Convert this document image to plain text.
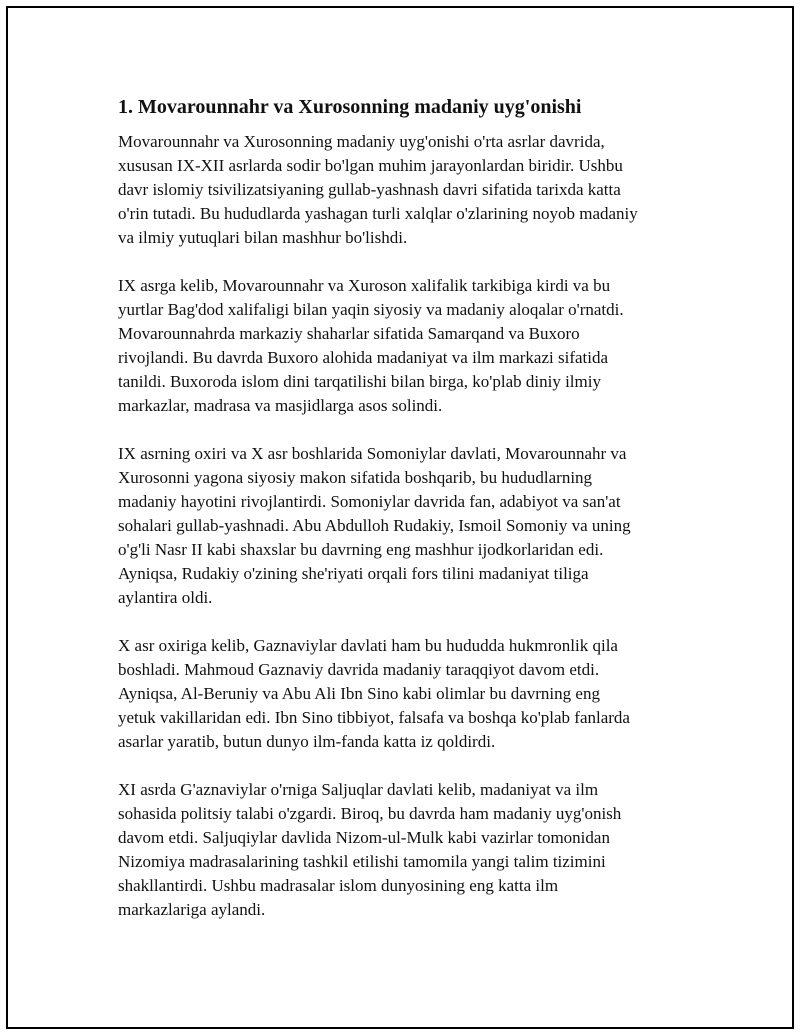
1. Movarounnahr va Xurosonning madaniy uyg'onishi

Movarounnahr va Xurosonning madaniy uyg'onishi o'rta asrlar davrida,
xususan IX-XII asrlarda sodir bo'lgan muhim jarayonlardan biridir. Ushbu
davr islomiy tsivilizatsiyaning gullab-yashnash davri sifatida tarixda katta
o'rin tutadi. Bu hududlarda yashagan turli xalqlar o'zlarining noyob madaniy
va ilmiy yutuqlari bilan mashhur bo'lishdi.

IX asrga kelib, Movarounnahr va Xuroson xalifalik tarkibiga kirdi va bu
yurtlar Bag'dod xalifaligi bilan yaqin siyosiy va madaniy aloqalar o'rnatdi.
Movarounnahrda markaziy shaharlar sifatida Samarqand va Buxoro
rivojlandi. Bu davrda Buxoro alohida madaniyat va ilm markazi sifatida
tanildi. Buxoroda islom dini tarqatilishi bilan birga, ko'plab diniy ilmiy
markazlar, madrasa va masjidlarga asos solindi.

IX asrning oxiri va X asr boshlarida Somoniylar davlati, Movarounnahr va
Xurosonni yagona siyosiy makon sifatida boshqarib, bu hududlarning
madaniy hayotini rivojlantirdi. Somoniylar davrida fan, adabiyot va san'at
sohalari gullab-yashnadi. Abu Abdulloh Rudakiy, Ismoil Somoniy va uning
o'g'li Nasr II kabi shaxslar bu davrning eng mashhur ijodkorlaridan edi.
Ayniqsa, Rudakiy o'zining she'riyati orqali fors tilini madaniyat tiliga
aylantira oldi.

X asr oxiriga kelib, Gaznaviylar davlati ham bu hududda hukmronlik qila
boshladi. Mahmoud Gaznaviy davrida madaniy taraqqiyot davom etdi.
Ayniqsa, Al-Beruniy va Abu Ali Ibn Sino kabi olimlar bu davrning eng
yetuk vakillaridan edi. Ibn Sino tibbiyot, falsafa va boshqa ko'plab fanlarda
asarlar yaratib, butun dunyo ilm-fanda katta iz qoldirdi.

XI asrda G'aznaviylar o'rniga Saljuqlar davlati kelib, madaniyat va ilm
sohasida politsiy talabi o'zgardi. Biroq, bu davrda ham madaniy uyg'onish
davom etdi. Saljuqiylar davlida Nizom-ul-Mulk kabi vazirlar tomonidan
Nizomiya madrasalarining tashkil etilishi tamomila yangi talim tizimini
shakllantirdi. Ushbu madrasalar islom dunyosining eng katta ilm
markazlariga aylandi.
